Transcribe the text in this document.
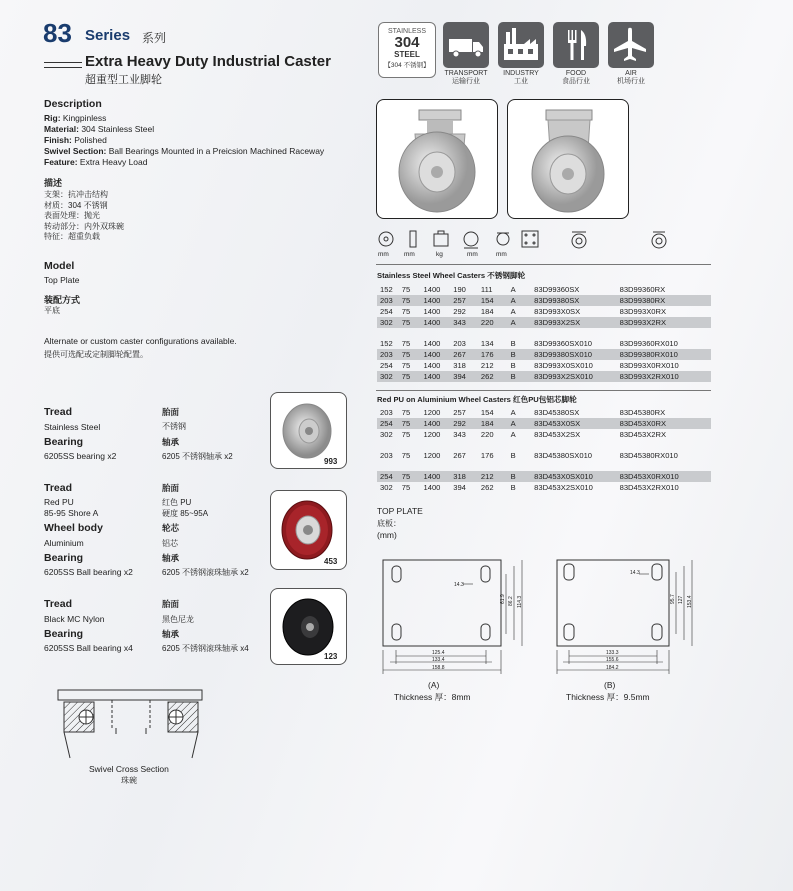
83 Series 系列
Extra Heavy Duty Industrial Caster
超重型工业脚轮
STAINLESS
304
STEEL
【304 不锈钢】
TRANSPORT
运输行业
INDUSTRY
工业
FOOD
食品行业
AIR
机场行业
mm mm	kg	mm	mm
Stainless Steel Wheel Casters 不锈钢脚轮
152	75	1400	190	111	A	83D99360SX	83D99360RX
203	75	1400	257	154	A	83D99380SX	83D99380RX
254	75	1400	292	184	A	83D993X0SX	83D993X0RX
302	75	1400	343	220	A	83D993X2SX	83D993X2RX

152	75	1400	203	134	B	83D99360SX010	83D99360RX010
203	75	1400	267	176	B	83D99380SX010	83D99380RX010
254	75	1400	318	212	B	83D993X0SX010	83D993X0RX010
302	75	1400	394	262	B	83D993X2SX010	83D993X2RX010
Red PU on Aluminium Wheel Casters 红色PU包铝芯脚轮
203	75	1200	257	154	A	83D45380SX	83D45380RX
254	75	1400	292	184	A	83D453X0SX	83D453X0RX
302	75	1200	343	220	A	83D453X2SX	83D453X2RX

203	75	1200	267	176	B	83D45380SX010	83D45380RX010

254	75	1400	318	212	B	83D453X0SX010	83D453X0RX010
302	75	1400	394	262	B	83D453X2SX010	83D453X2RX010
Description
Rig: Kingpinless
Material: 304 Stainless Steel
Finish: Polished
Swivel Section: Ball Bearings Mounted in a Preicsion Machined Raceway
Feature: Extra Heavy Load
描述
支架：抗冲击结构
材质：304 不锈钢
表面处理：抛光
转动部分：内外双珠碗
特征：超重负载
Model
Top Plate
装配方式
平底
Alternate or custom caster configurations available.
提供可选配或定制脚轮配置。
Tread
Stainless Steel
Bearing
6205SS bearing x2
胎面
不锈钢
轴承
6205 不锈钢轴承 x2
993
Tread
Red PU
85-95 Shore A
Wheel body
Aluminium
Bearing
6205SS Ball bearing x2
胎面
红色 PU
硬度 85~95A
轮芯
铝芯
轴承
6205 不锈钢滚珠轴承 x2
453
Tread
Black MC Nylon
Bearing
6205SS Ball bearing x4
胎面
黑色尼龙
轴承
6205 不锈钢滚珠轴承 x4
123
Swivel Cross Section
珠碗
TOP PLATE
底板：
(mm)
14.3
61.9 86.2 114.3
125.4
133.4
158.8
(A)
Thickness 厚：8mm
14.3
95.7 127 153.4
133.3
155.6
184.2
(B)
Thickness 厚：9.5mm
